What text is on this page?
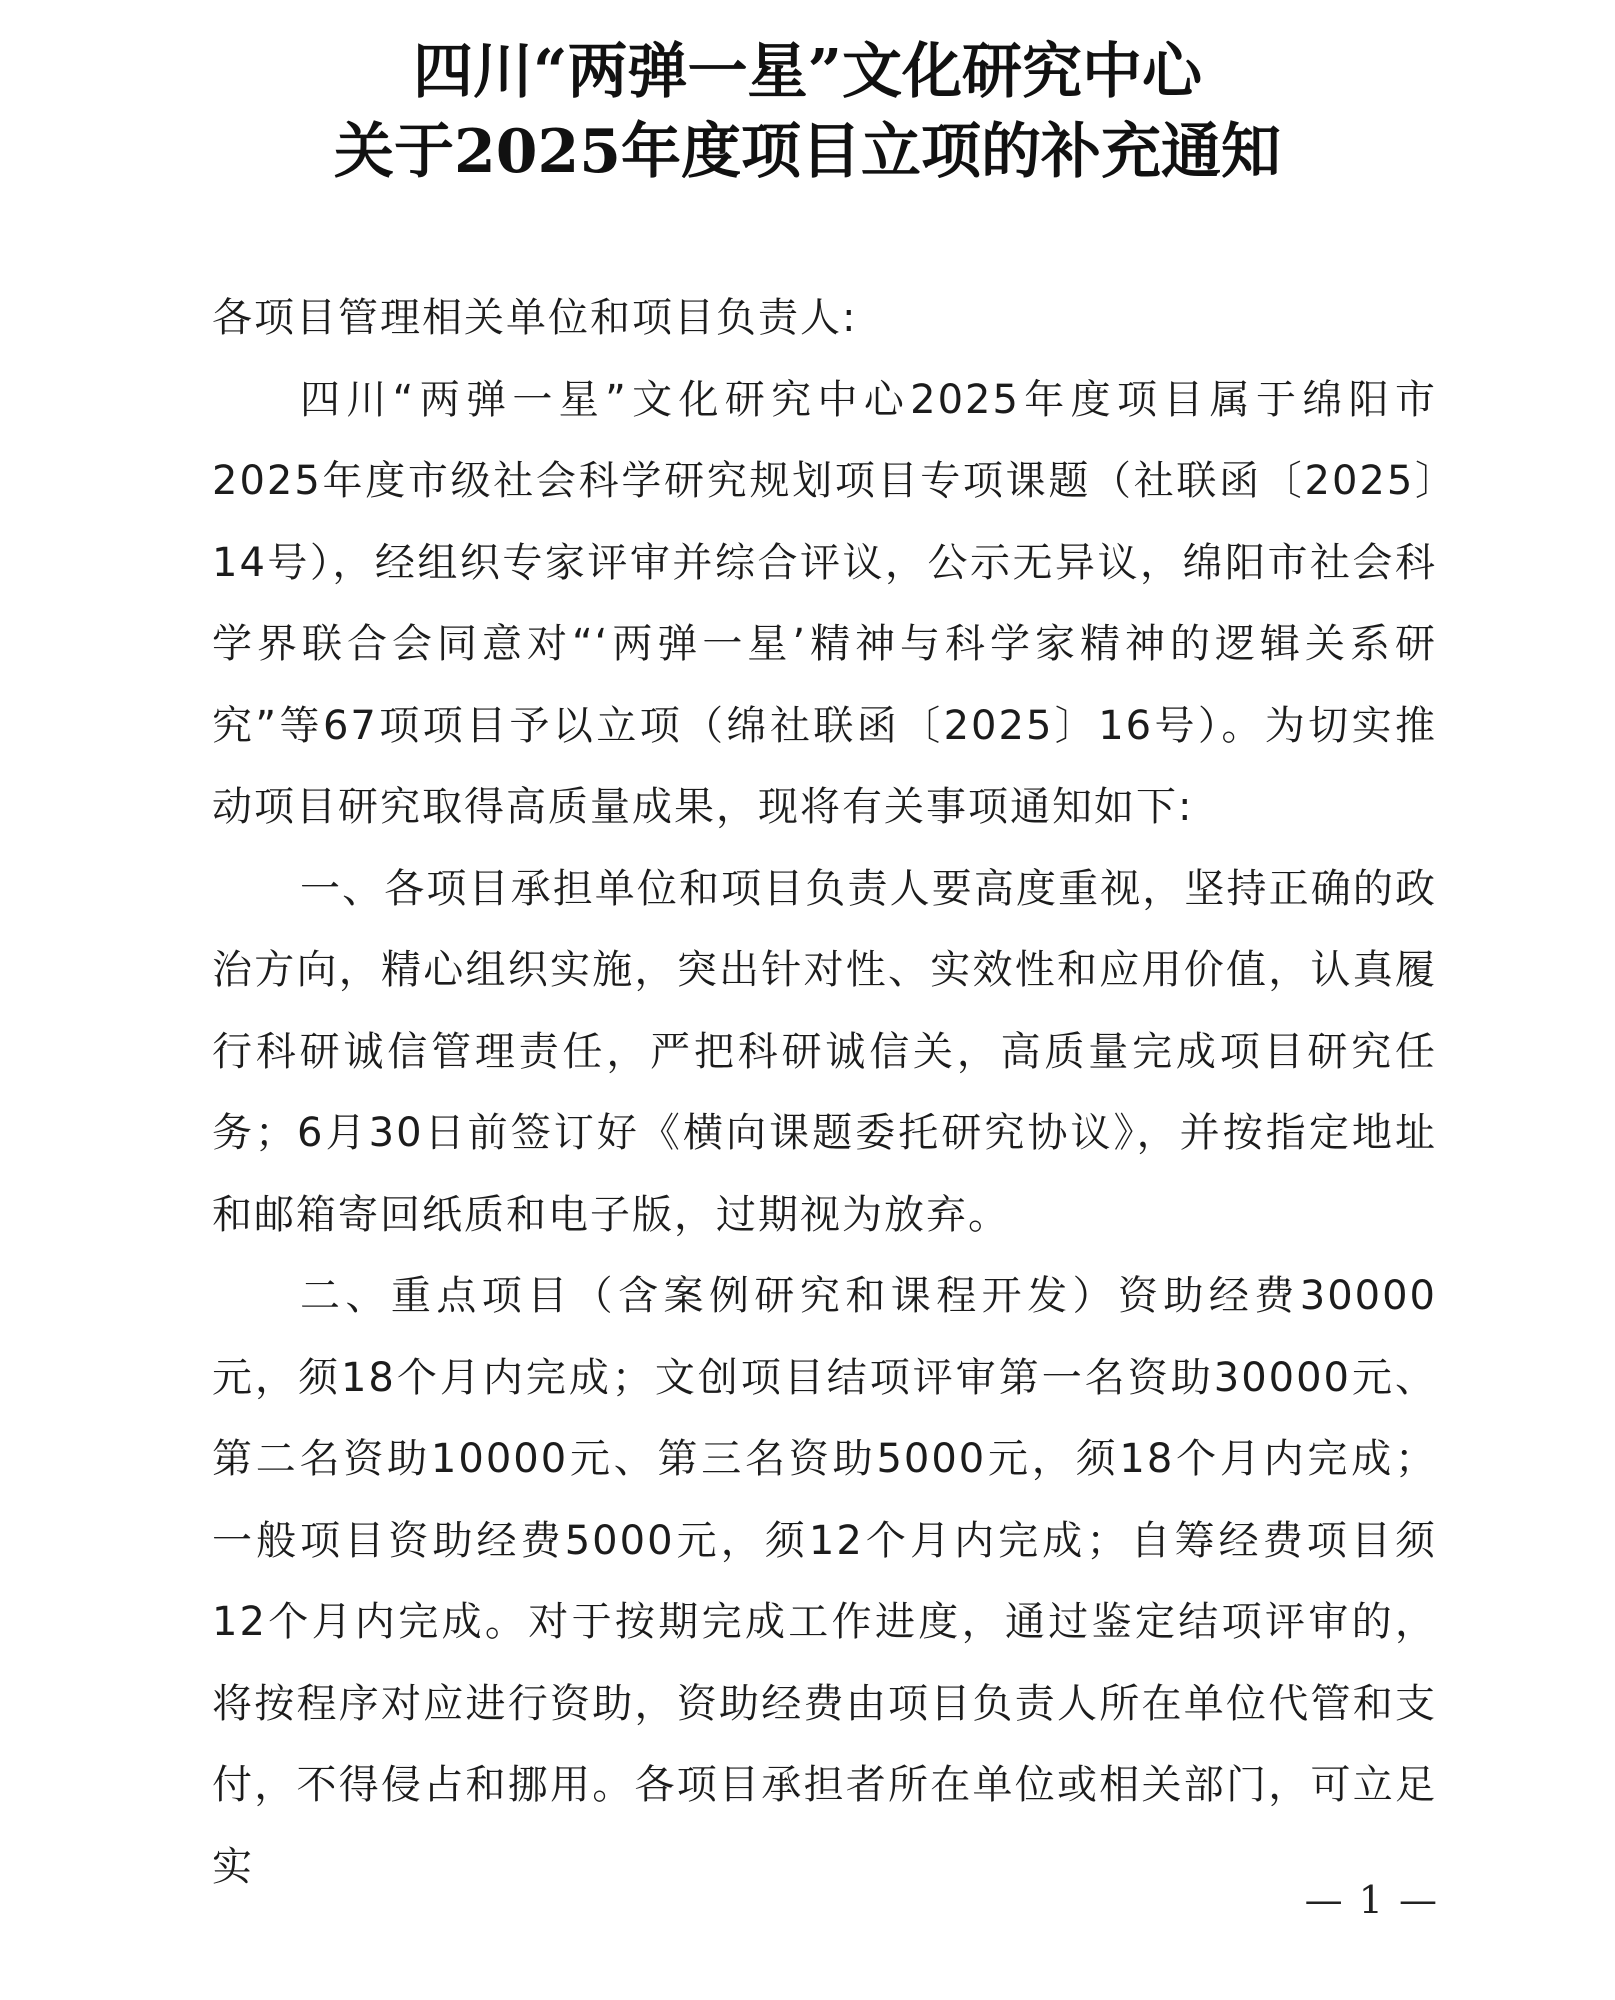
四川“两弹一星”文化研究中心
关于2025年度项目立项的补充通知

各项目管理相关单位和项目负责人:

四川“两弹一星”文化研究中心2025年度项目属于绵阳市2025年度市级社会科学研究规划项目专项课题（社联函〔2025〕14号），经组织专家评审并综合评议，公示无异议，绵阳市社会科学界联合会同意对“‘两弹一星’精神与科学家精神的逻辑关系研究”等67项项目予以立项（绵社联函〔2025〕16号）。为切实推动项目研究取得高质量成果，现将有关事项通知如下:

一、各项目承担单位和项目负责人要高度重视，坚持正确的政治方向，精心组织实施，突出针对性、实效性和应用价值，认真履行科研诚信管理责任，严把科研诚信关，高质量完成项目研究任务；6月30日前签订好《横向课题委托研究协议》，并按指定地址和邮箱寄回纸质和电子版，过期视为放弃。

二、重点项目（含案例研究和课程开发）资助经费30000元，须18个月内完成；文创项目结项评审第一名资助30000元、第二名资助10000元、第三名资助5000元，须18个月内完成；一般项目资助经费5000元，须12个月内完成；自筹经费项目须12个月内完成。对于按期完成工作进度，通过鉴定结项评审的，将按程序对应进行资助，资助经费由项目负责人所在单位代管和支付，不得侵占和挪用。各项目承担者所在单位或相关部门，可立足实

— 1 —
